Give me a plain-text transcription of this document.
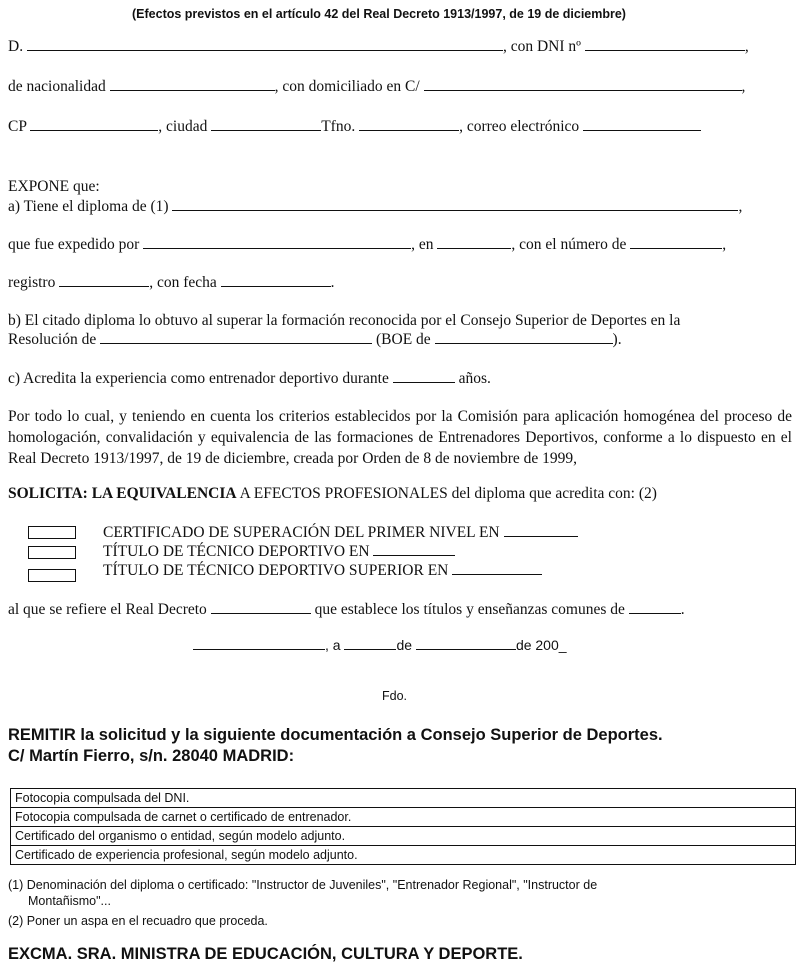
(Efectos previstos en el artículo 42 del Real Decreto 1913/1997, de 19 de diciembre)
D.	, con DNI nº	,
de nacionalidad	, con domiciliado en C/	,
CP	, ciudad	Tfno.	, correo electrónico
EXPONE que:
a) Tiene el diploma de (1)	,
que fue expedido por	, en	, con el número de	,
registro	, con fecha	.
b) El citado diploma lo obtuvo al superar la formación reconocida por el Consejo Superior de Deportes en la
Resolución de	(BOE de	).
c) Acredita la experiencia como entrenador deportivo durante	años.
Por todo lo cual, y teniendo en cuenta los criterios establecidos por la Comisión para aplicación homogénea del proceso de homologación, convalidación y equivalencia de las formaciones de Entrenadores Deportivos, conforme a lo dispuesto en el Real Decreto 1913/1997, de 19 de diciembre, creada por Orden de 8 de noviembre de 1999,
SOLICITA: LA EQUIVALENCIA A EFECTOS PROFESIONALES del diploma que acredita con: (2)
CERTIFICADO DE SUPERACIÓN DEL PRIMER NIVEL EN
TÍTULO DE TÉCNICO DEPORTIVO EN
TÍTULO DE TÉCNICO DEPORTIVO SUPERIOR EN
al que se refiere el Real Decreto	que establece los títulos y enseñanzas comunes de	.
, a	de	de 200_
Fdo.
REMITIR la solicitud y la siguiente documentación a Consejo Superior de Deportes.
C/ Martín Fierro, s/n. 28040 MADRID:
Fotocopia compulsada del DNI.
Fotocopia compulsada de carnet o certificado de entrenador.
Certificado del organismo o entidad, según modelo adjunto.
Certificado de experiencia profesional, según modelo adjunto.
(1) Denominación del diploma o certificado: "Instructor de Juveniles", "Entrenador Regional", "Instructor de
Montañismo"...
(2) Poner un aspa en el recuadro que proceda.
EXCMA. SRA. MINISTRA DE EDUCACIÓN, CULTURA Y DEPORTE.
